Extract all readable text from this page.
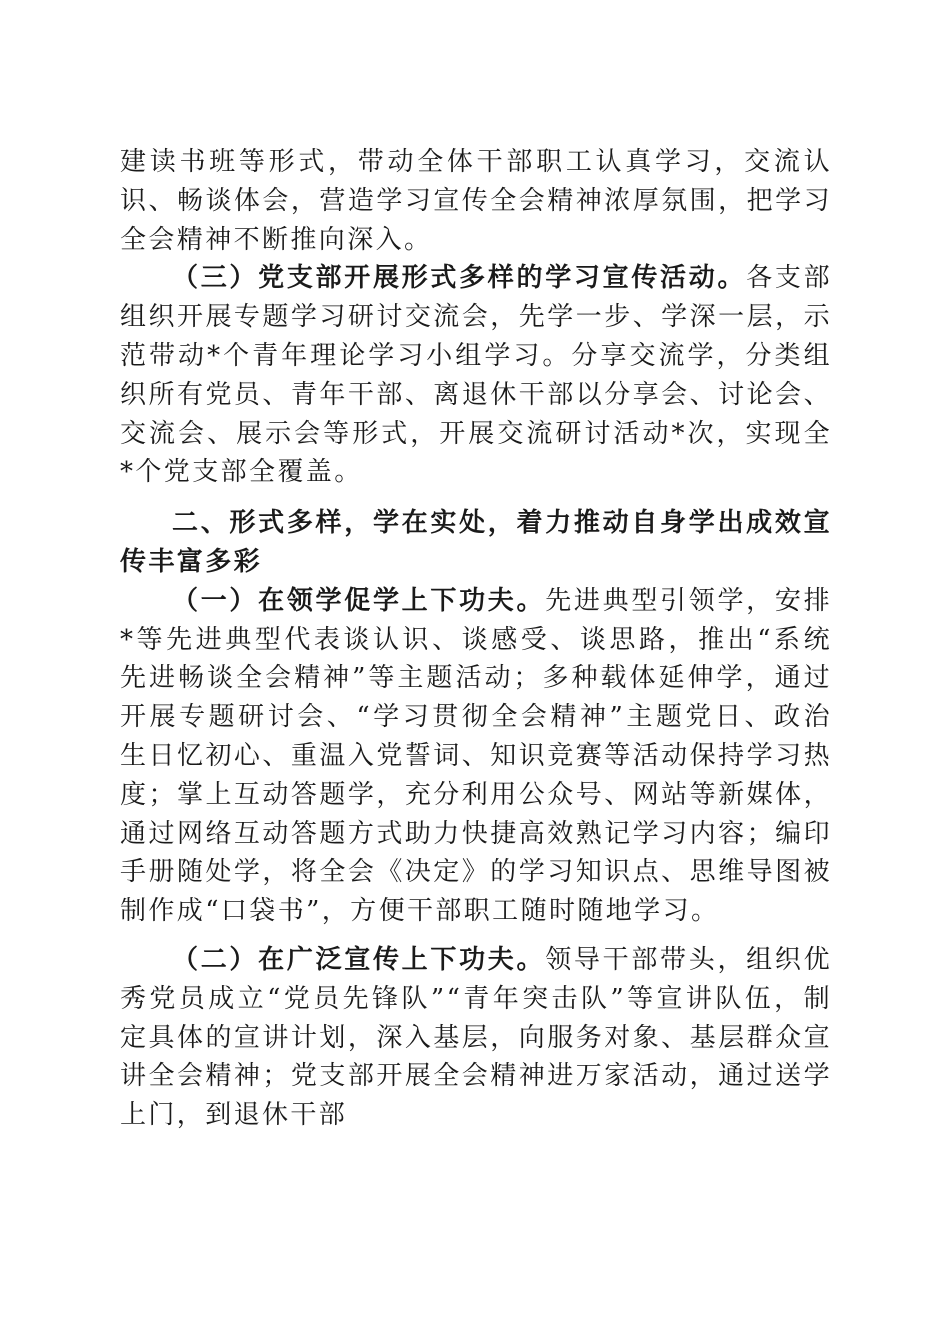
建读书班等形式，带动全体干部职工认真学习，交流认识、畅谈体会，营造学习宣传全会精神浓厚氛围，把学习全会精神不断推向深入。

（三）党支部开展形式多样的学习宣传活动。各支部组织开展专题学习研讨交流会，先学一步、学深一层，示范带动*个青年理论学习小组学习。分享交流学，分类组织所有党员、青年干部、离退休干部以分享会、讨论会、交流会、展示会等形式，开展交流研讨活动*次，实现全*个党支部全覆盖。

二、形式多样，学在实处，着力推动自身学出成效宣传丰富多彩

（一）在领学促学上下功夫。先进典型引领学，安排*等先进典型代表谈认识、谈感受、谈思路，推出“系统先进畅谈全会精神”等主题活动；多种载体延伸学，通过开展专题研讨会、“学习贯彻全会精神”主题党日、政治生日忆初心、重温入党誓词、知识竞赛等活动保持学习热度；掌上互动答题学，充分利用公众号、网站等新媒体，通过网络互动答题方式助力快捷高效熟记学习内容；编印手册随处学，将全会《决定》的学习知识点、思维导图被制作成“口袋书”，方便干部职工随时随地学习。

（二）在广泛宣传上下功夫。领导干部带头，组织优秀党员成立“党员先锋队”“青年突击队”等宣讲队伍，制定具体的宣讲计划，深入基层，向服务对象、基层群众宣讲全会精神；党支部开展全会精神进万家活动，通过送学上门，到退休干部
